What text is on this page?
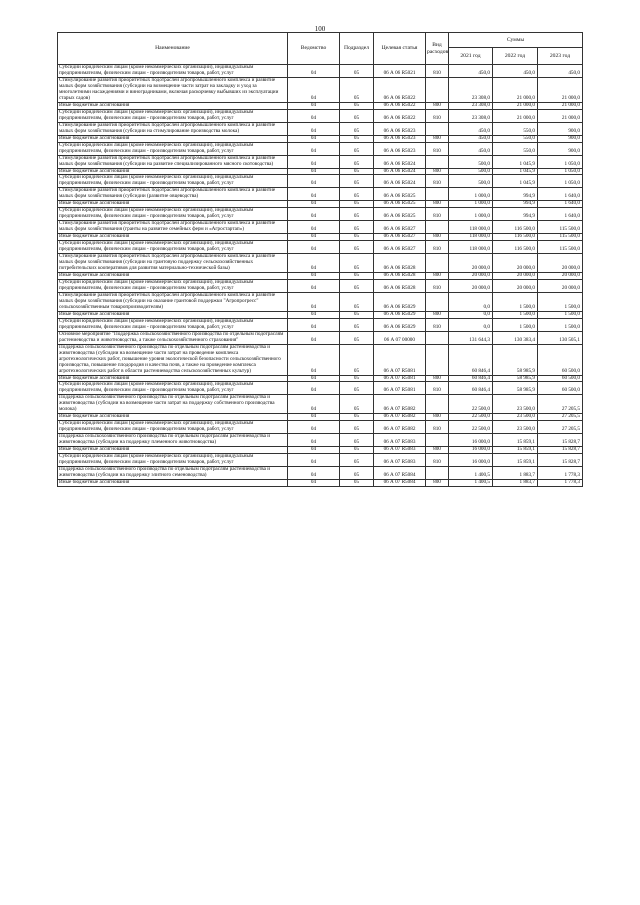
100
Наименование	Ведомство	Подраздел	Целевая статья	Вид расходов	Суммы		
					2021 год	2022 год	2023 год
Субсидии юридическим лицам (кроме некоммерческих организаций), индивидуальным предпринимателям, физическим лицам - производителям товаров, работ, услуг	04	05	06 А 06 R5021	810	450,0	450,0	450,0
Стимулирование развития приоритетных подотраслей агропромышленного комплекса и развитие малых форм хозяйствования (субсидии на возмещение части затрат на закладку и уход за многолетними насаждениями и виноградниками, включая раскорчевку выбывших из эксплуатации старых садов)	04	05	06 А 06 R5022		23 308,0	21 000,0	21 000,0
Иные бюджетные ассигнования	04	05	06 А 06 R5022	800	23 308,0	21 000,0	21 000,0
Субсидии юридическим лицам (кроме некоммерческих организаций), индивидуальным предпринимателям, физическим лицам - производителям товаров, работ, услуг	04	05	06 А 06 R5022	810	23 308,0	21 000,0	21 000,0
Стимулирование развития приоритетных подотраслей агропромышленного комплекса и развитие малых форм хозяйствования (субсидии на стимулирование производства молока)	04	05	06 А 06 R5023		450,0	550,0	900,0
Иные бюджетные ассигнования	04	05	06 А 06 R5023	800	450,0	550,0	900,0
Субсидии юридическим лицам (кроме некоммерческих организаций), индивидуальным предпринимателям, физическим лицам - производителям товаров, работ, услуг	04	05	06 А 06 R5023	810	450,0	550,0	900,0
Стимулирование развития приоритетных подотраслей агропромышленного комплекса и развитие малых форм хозяйствования (субсидии на развитие специализированного мясного скотоводства)	04	05	06 А 06 R5024		500,0	1 045,9	1 050,0
Иные бюджетные ассигнования	04	05	06 А 06 R5024	800	500,0	1 045,9	1 050,0
Субсидии юридическим лицам (кроме некоммерческих организаций), индивидуальным предпринимателям, физическим лицам - производителям товаров, работ, услуг	04	05	06 А 06 R5024	810	500,0	1 045,9	1 050,0
Стимулирование развития приоритетных подотраслей агропромышленного комплекса и развитие малых форм хозяйствования (субсидии (развитие овцеводства)	04	05	06 А 06 R5025		1 000,0	994,9	1 640,0
Иные бюджетные ассигнования	04	05	06 А 06 R5025	800	1 000,0	994,9	1 640,0
Субсидии юридическим лицам (кроме некоммерческих организаций), индивидуальным предпринимателям, физическим лицам - производителям товаров, работ, услуг	04	05	06 А 06 R5025	810	1 000,0	994,9	1 640,0
Стимулирование развития приоритетных подотраслей агропромышленного комплекса и развитие малых форм хозяйствования (гранты на развитие семейных ферм и «Агростартап»)	04	05	06 А 06 R5027		118 000,0	116 500,0	115 500,0
Иные бюджетные ассигнования	04	05	06 А 06 R5027	800	118 000,0	116 500,0	115 500,0
Субсидии юридическим лицам (кроме некоммерческих организаций), индивидуальным предпринимателям, физическим лицам - производителям товаров, работ, услуг	04	05	06 А 06 R5027	810	118 000,0	116 500,0	115 500,0
Стимулирование развития приоритетных подотраслей агропромышленного комплекса и развитие малых форм хозяйствования (субсидии на грантовую поддержку сельскохозяйственных потребительских кооперативов для развития материально-технической базы)	04	05	06 А 06 R5028		20 000,0	20 000,0	20 000,0
Иные бюджетные ассигнования	04	05	06 А 06 R5028	800	20 000,0	20 000,0	20 000,0
Субсидии юридическим лицам (кроме некоммерческих организаций), индивидуальным предпринимателям, физическим лицам - производителям товаров, работ, услуг	04	05	06 А 06 R5028	810	20 000,0	20 000,0	20 000,0
Стимулирование развития приоритетных подотраслей агропромышленного комплекса и развитие малых форм хозяйствования (субсидии на оказание грантовой поддержки "Агропрогресс" сельскохозяйственным товаропроизводителям)	04	05	06 А 06 R5029		0,0	1 500,0	1 500,0
Иные бюджетные ассигнования	04	05	06 А 06 R5029	800	0,0	1 500,0	1 500,0
Субсидии юридическим лицам (кроме некоммерческих организаций), индивидуальным предпринимателям, физическим лицам - производителям товаров, работ, услуг	04	05	06 А 06 R5029	810	0,0	1 500,0	1 500,0
Основное мероприятие "Поддержка сельскохозяйственного производства по отдельным подотраслям растениеводства и животноводства, а также сельскохозяйственного страхования"	04	05	06 А 07 00000		131 644,3	130 383,4	130 505,1
Поддержка сельскохозяйственного производства по отдельным подотраслям растениеводства и животноводства (субсидии на возмещение части затрат на проведение комплекса агротехнологических работ, повышение уровня экологической безопасности сельскохозяйственного производства, повышение плодородия и качества почв, а также на проведение комплекса агротехнологических работ в области растениеводства сельскохозяйственных культур)	04	05	06 А 07 R5081		60 846,4	58 985,9	60 500,0
Иные бюджетные ассигнования	04	05	06 А 07 R5081	800	60 846,4	58 985,9	60 500,0
Субсидии юридическим лицам (кроме некоммерческих организаций), индивидуальным предпринимателям, физическим лицам - производителям товаров, работ, услуг	04	05	06 А 07 R5081	810	60 846,4	58 985,9	60 500,0
Поддержка сельскохозяйственного производства по отдельным подотраслям растениеводства и животноводства (субсидии на возмещение части затрат на поддержку собственного производства молока)	04	05	06 А 07 R5082		22 500,0	23 500,0	27 205,5
Иные бюджетные ассигнования	04	05	06 А 07 R5082	800	22 500,0	23 500,0	27 205,5
Субсидии юридическим лицам (кроме некоммерческих организаций), индивидуальным предпринимателям, физическим лицам - производителям товаров, работ, услуг	04	05	06 А 07 R5082	810	22 500,0	23 500,0	27 205,5
Поддержка сельскохозяйственного производства по отдельным подотраслям растениеводства и животноводства (субсидии на поддержку племенного животноводства)	04	05	06 А 07 R5083		16 000,0	15 859,1	15 828,7
Иные бюджетные ассигнования	04	05	06 А 07 R5083	800	16 000,0	15 859,1	15 828,7
Субсидии юридическим лицам (кроме некоммерческих организаций), индивидуальным предпринимателям, физическим лицам - производителям товаров, работ, услуг	04	05	06 А 07 R5083	810	16 000,0	15 859,1	15 828,7
Поддержка сельскохозяйственного производства по отдельным подотраслям растениеводства и животноводства (субсидии на поддержку элитного семеноводства)	04	05	06 А 07 R5084		1 400,5	1 883,7	1 778,3
Иные бюджетные ассигнования	04	05	06 А 07 R5084	800	1 400,5	1 883,7	1 778,3
